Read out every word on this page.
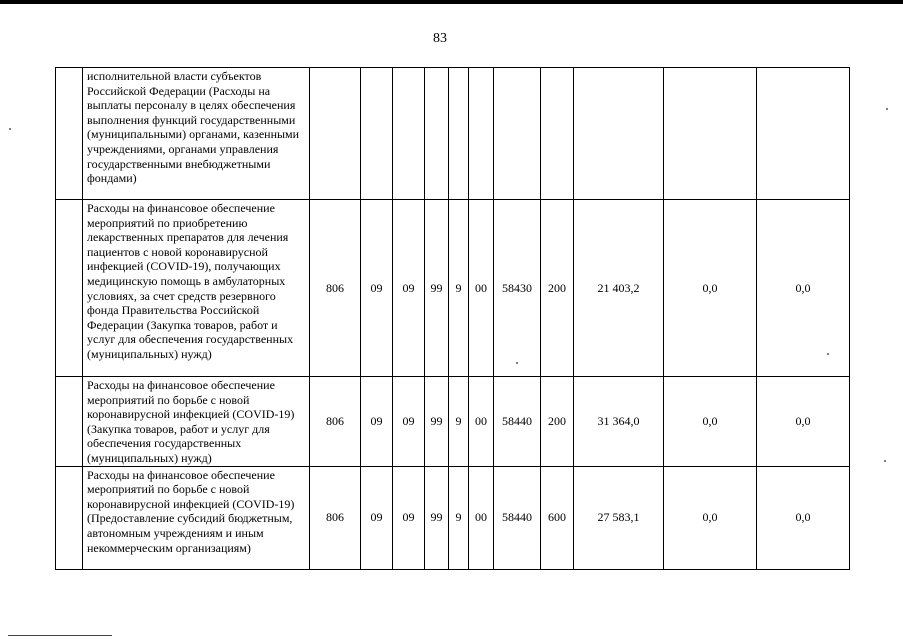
83
	исполнительной власти субъектов Российской Федерации (Расходы на выплаты персоналу в целях обеспечения выполнения функций государственными (муниципальными) органами, казенными учреждениями, органами управления государственными внебюджетными фондами)											
	Расходы на финансовое обеспечение мероприятий по приобретению лекарственных препаратов для лечения пациентов с новой коронавирусной инфекцией (COVID-19), получающих медицинскую помощь в амбулаторных условиях, за счет средств резервного фонда Правительства Российской Федерации (Закупка товаров, работ и услуг для обеспечения государственных (муниципальных) нужд)	806	09	09	99	9	00	58430	200	21 403,2	0,0	0,0
	Расходы на финансовое обеспечение мероприятий по борьбе с новой коронавирусной инфекцией (COVID-19) (Закупка товаров, работ и услуг для обеспечения государственных (муниципальных) нужд)	806	09	09	99	9	00	58440	200	31 364,0	0,0	0,0
	Расходы на финансовое обеспечение мероприятий по борьбе с новой коронавирусной инфекцией (COVID-19) (Предоставление субсидий бюджетным, автономным учреждениям и иным некоммерческим организациям)	806	09	09	99	9	00	58440	600	27 583,1	0,0	0,0
